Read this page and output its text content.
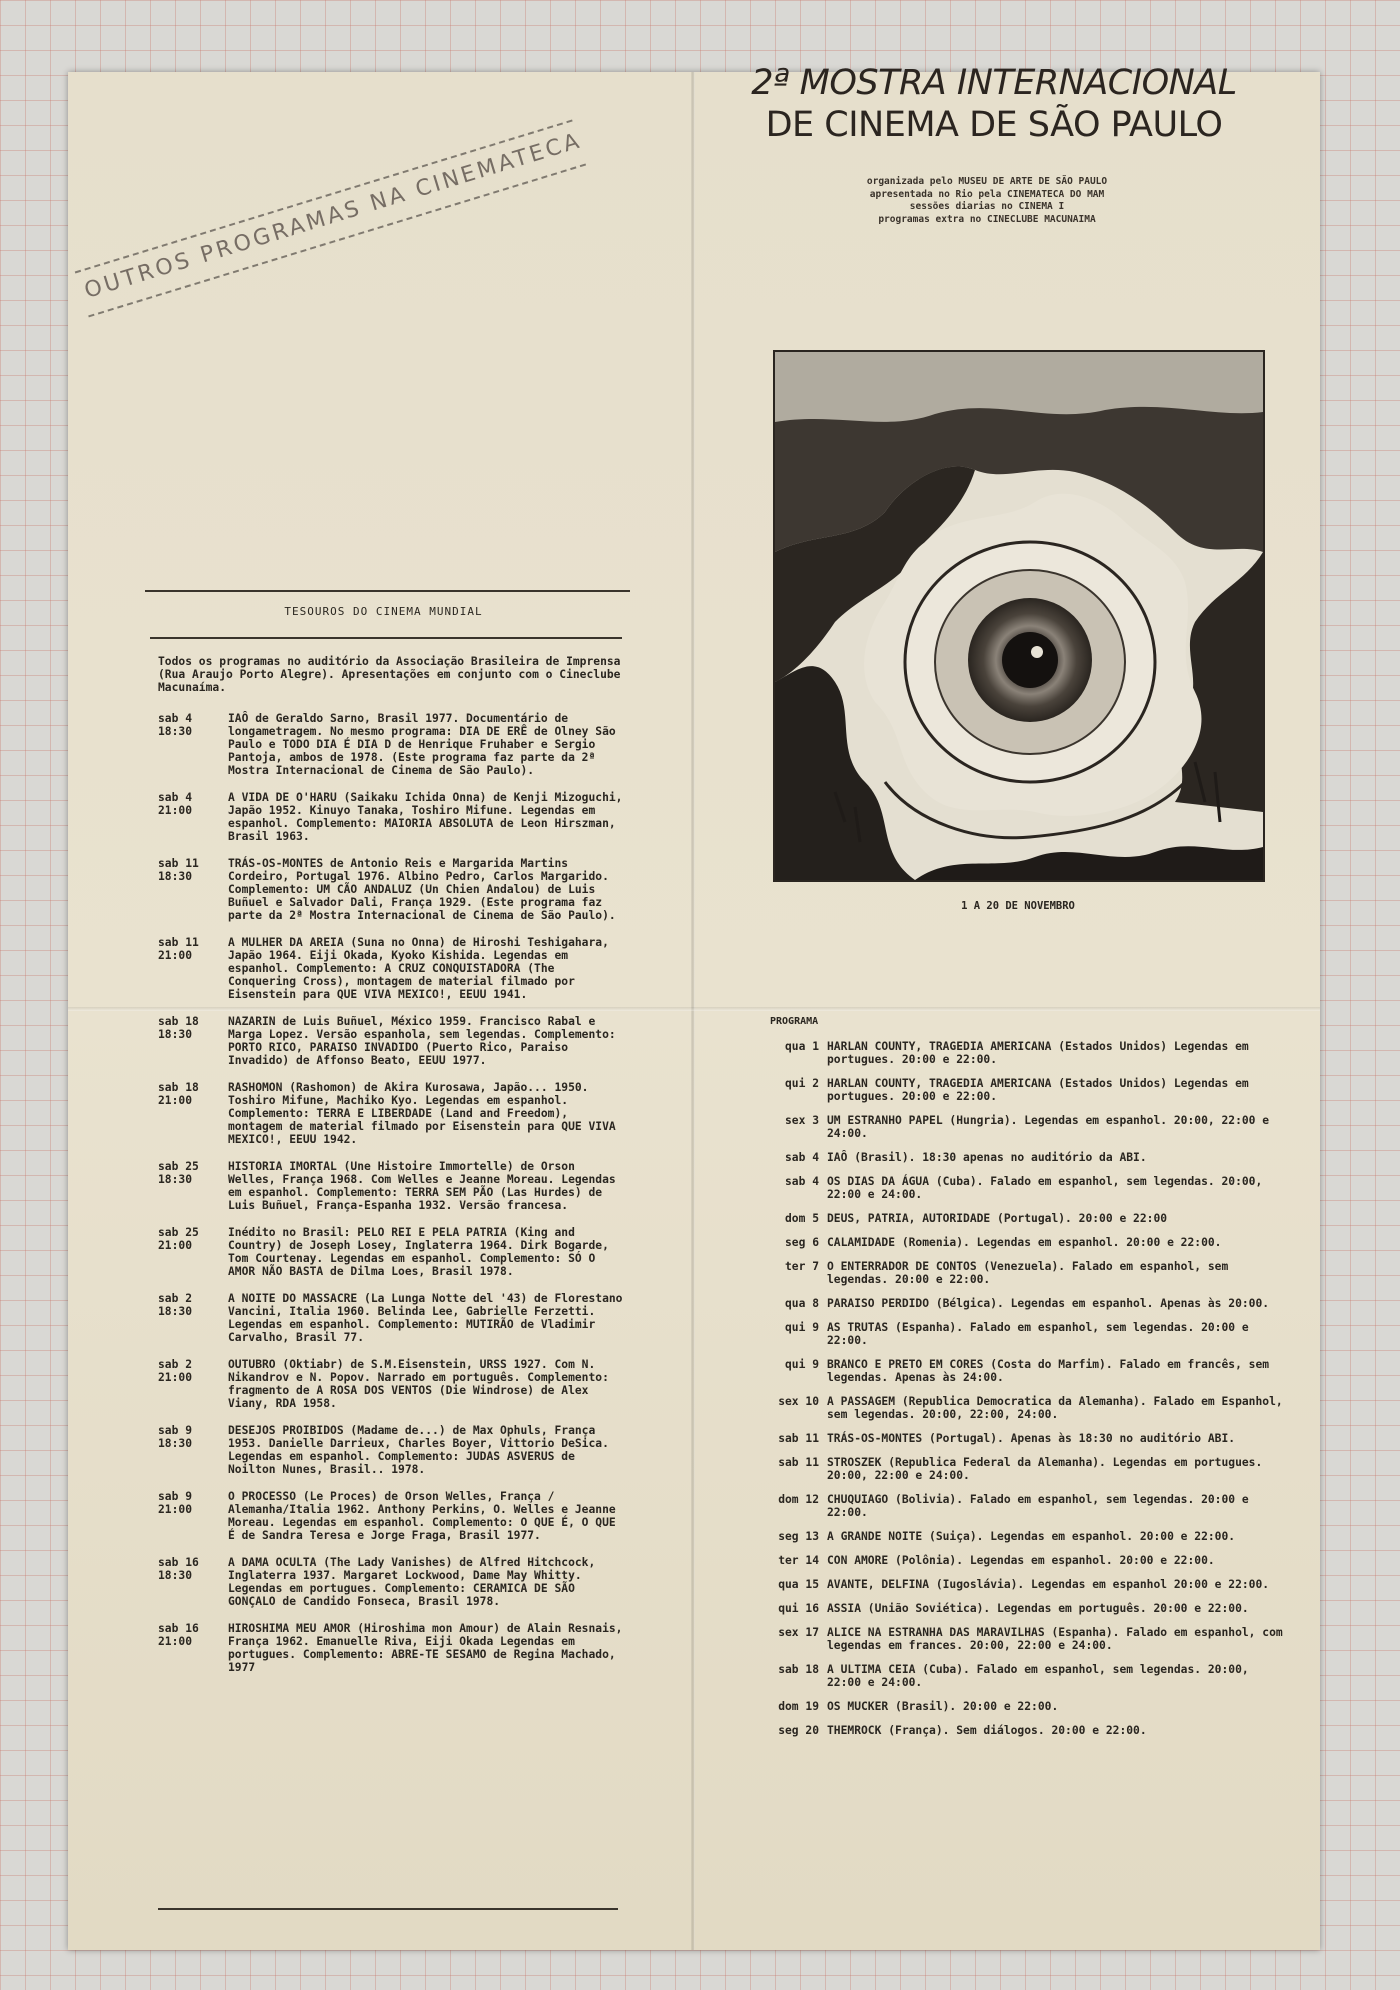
OUTROS PROGRAMAS NA CINEMATECA
TESOUROS DO CINEMA MUNDIAL
Todos os programas no auditório da Associação Brasileira de Imprensa (Rua Araujo Porto Alegre). Apresentações em conjunto com o Cineclube Macunaíma.
sab 4
18:30
IAÔ de Geraldo Sarno, Brasil 1977. Documentário de longametragem. No mesmo programa: DIA DE ERÊ de Olney São Paulo e TODO DIA É DIA D de Henrique Fruhaber e Sergio Pantoja, ambos de 1978. (Este programa faz parte da 2ª Mostra Internacional de Cinema de São Paulo).
sab 4
21:00
A VIDA DE O'HARU (Saikaku Ichida Onna) de Kenji Mizoguchi, Japão 1952. Kinuyo Tanaka, Toshiro Mifune. Legendas em espanhol. Complemento: MAIORIA ABSOLUTA de Leon Hirszman, Brasil 1963.
sab 11
18:30
TRÁS-OS-MONTES de Antonio Reis e Margarida Martins Cordeiro, Portugal 1976. Albino Pedro, Carlos Margarido. Complemento: UM CÃO ANDALUZ (Un Chien Andalou) de Luis Buñuel e Salvador Dali, França 1929. (Este programa faz parte da 2ª Mostra Internacional de Cinema de São Paulo).
sab 11
21:00
A MULHER DA AREIA (Suna no Onna) de Hiroshi Teshigahara, Japão 1964. Eiji Okada, Kyoko Kishida. Legendas em espanhol. Complemento: A CRUZ CONQUISTADORA (The Conquering Cross), montagem de material filmado por Eisenstein para QUE VIVA MEXICO!, EEUU 1941.
sab 18
18:30
NAZARIN de Luis Buñuel, México 1959. Francisco Rabal e Marga Lopez. Versão espanhola, sem legendas. Complemento: PORTO RICO, PARAISO INVADIDO (Puerto Rico, Paraiso Invadido) de Affonso Beato, EEUU 1977.
sab 18
21:00
RASHOMON (Rashomon) de Akira Kurosawa, Japão... 1950. Toshiro Mifune, Machiko Kyo. Legendas em espanhol. Complemento: TERRA E LIBERDADE (Land and Freedom), montagem de material filmado por Eisenstein para QUE VIVA MEXICO!, EEUU 1942.
sab 25
18:30
HISTORIA IMORTAL (Une Histoire Immortelle) de Orson Welles, França 1968. Com Welles e Jeanne Moreau. Legendas em espanhol. Complemento: TERRA SEM PÃO (Las Hurdes) de Luis Buñuel, França-Espanha 1932. Versão francesa.
sab 25
21:00
Inédito no Brasil: PELO REI E PELA PATRIA (King and Country) de Joseph Losey, Inglaterra 1964. Dirk Bogarde, Tom Courtenay. Legendas em espanhol. Complemento: SÓ O AMOR NÃO BASTA de Dilma Loes, Brasil 1978.
sab 2
18:30
A NOITE DO MASSACRE (La Lunga Notte del '43) de Florestano Vancini, Italia 1960. Belinda Lee, Gabrielle Ferzetti. Legendas em espanhol. Complemento: MUTIRÃO de Vladimir Carvalho, Brasil 77.
sab 2
21:00
OUTUBRO (Oktiabr) de S.M.Eisenstein, URSS 1927. Com N. Nikandrov e N. Popov. Narrado em português. Complemento: fragmento de A ROSA DOS VENTOS (Die Windrose) de Alex Viany, RDA 1958.
sab 9
18:30
DESEJOS PROIBIDOS (Madame de...) de Max Ophuls, França 1953. Danielle Darrieux, Charles Boyer, Vittorio DeSica. Legendas em espanhol. Complemento: JUDAS ASVERUS de Noilton Nunes, Brasil.. 1978.
sab 9
21:00
O PROCESSO (Le Proces) de Orson Welles, França / Alemanha/Italia 1962. Anthony Perkins, O. Welles e Jeanne Moreau. Legendas em espanhol. Complemento: O QUE É, O QUE É de Sandra Teresa e Jorge Fraga, Brasil 1977.
sab 16
18:30
A DAMA OCULTA (The Lady Vanishes) de Alfred Hitchcock, Inglaterra 1937. Margaret Lockwood, Dame May Whitty. Legendas em portugues. Complemento: CERAMICA DE SÃO GONÇALO de Candido Fonseca, Brasil 1978.
sab 16
21:00
HIROSHIMA MEU AMOR (Hiroshima mon Amour) de Alain Resnais, França 1962. Emanuelle Riva, Eiji Okada Legendas em portugues. Complemento: ABRE-TE SESAMO de Regina Machado, 1977
2ª MOSTRA INTERNACIONAL
DE CINEMA DE SÃO PAULO
organizada pelo MUSEU DE ARTE DE SÃO PAULO
apresentada no Rio pela CINEMATECA DO MAM
sessões diarias no CINEMA I
programas extra no CINECLUBE MACUNAIMA
1 A 20 DE NOVEMBRO
PROGRAMA
qua 1 HARLAN COUNTY, TRAGEDIA AMERICANA (Estados Unidos) Legendas em portugues. 20:00 e 22:00.
qui 2 HARLAN COUNTY, TRAGEDIA AMERICANA (Estados Unidos) Legendas em portugues. 20:00 e 22:00.
sex 3 UM ESTRANHO PAPEL (Hungria). Legendas em espanhol. 20:00, 22:00 e 24:00.
sab 4 IAÔ (Brasil). 18:30 apenas no auditório da ABI.
sab 4 OS DIAS DA ÁGUA (Cuba). Falado em espanhol, sem legendas. 20:00, 22:00 e 24:00.
dom 5 DEUS, PATRIA, AUTORIDADE (Portugal). 20:00 e 22:00
seg 6 CALAMIDADE (Romenia). Legendas em espanhol. 20:00 e 22:00.
ter 7 O ENTERRADOR DE CONTOS (Venezuela). Falado em espanhol, sem legendas. 20:00 e 22:00.
qua 8 PARAISO PERDIDO (Bélgica). Legendas em espanhol. Apenas às 20:00.
qui 9 AS TRUTAS (Espanha). Falado em espanhol, sem legendas. 20:00 e 22:00.
qui 9 BRANCO E PRETO EM CORES (Costa do Marfim). Falado em francês, sem legendas. Apenas às 24:00.
sex 10 A PASSAGEM (Republica Democratica da Alemanha). Falado em Espanhol, sem legendas. 20:00, 22:00, 24:00.
sab 11 TRÁS-OS-MONTES (Portugal). Apenas às 18:30 no auditório ABI.
sab 11 STROSZEK (Republica Federal da Alemanha). Legendas em portugues. 20:00, 22:00 e 24:00.
dom 12 CHUQUIAGO (Bolivia). Falado em espanhol, sem legendas. 20:00 e 22:00.
seg 13 A GRANDE NOITE (Suiça). Legendas em espanhol. 20:00 e 22:00.
ter 14 CON AMORE (Polônia). Legendas em espanhol. 20:00 e 22:00.
qua 15 AVANTE, DELFINA (Iugoslávia). Legendas em espanhol 20:00 e 22:00.
qui 16 ASSIA (União Soviética). Legendas em português. 20:00 e 22:00.
sex 17 ALICE NA ESTRANHA DAS MARAVILHAS (Espanha). Falado em espanhol, com legendas em frances. 20:00, 22:00 e 24:00.
sab 18 A ULTIMA CEIA (Cuba). Falado em espanhol, sem legendas. 20:00, 22:00 e 24:00.
dom 19 OS MUCKER (Brasil). 20:00 e 22:00.
seg 20 THEMROCK (França). Sem diálogos. 20:00 e 22:00.
